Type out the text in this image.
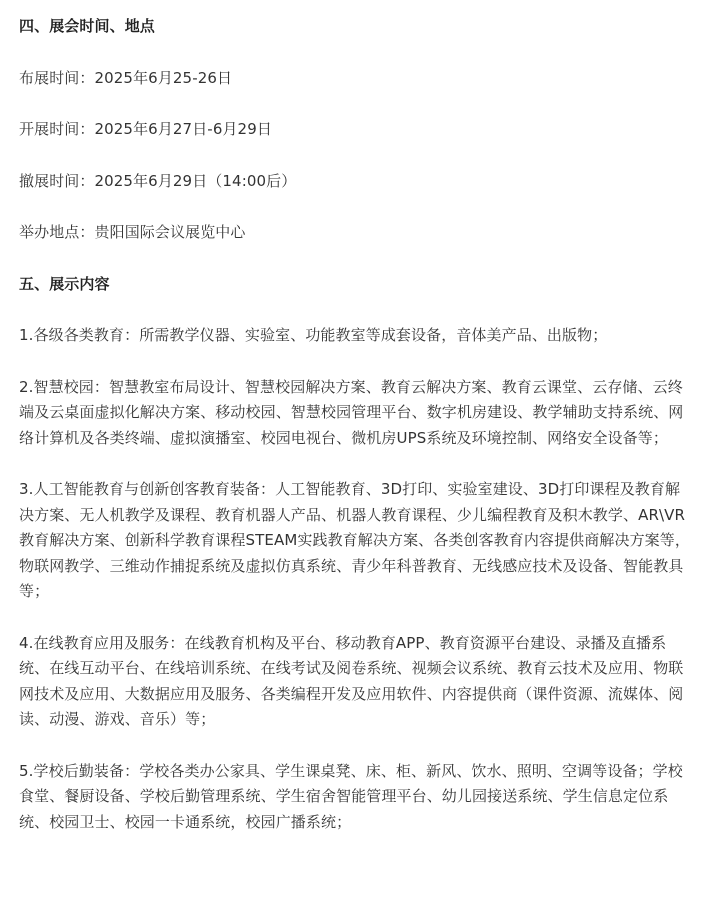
四、展会时间、地点

布展时间：2025年6月25-26日

开展时间：2025年6月27日-6月29日

撤展时间：2025年6月29日（14:00后）

举办地点：贵阳国际会议展览中心

五、展示内容

1.各级各类教育：所需教学仪器、实验室、功能教室等成套设备，音体美产品、出版物；

2.智慧校园：智慧教室布局设计、智慧校园解决方案、教育云解决方案、教育云课堂、云存储、云终端及云桌面虚拟化解决方案、移动校园、智慧校园管理平台、数字机房建设、教学辅助支持系统、网络计算机及各类终端、虚拟演播室、校园电视台、微机房UPS系统及环境控制、网络安全设备等；

3.人工智能教育与创新创客教育装备：人工智能教育、3D打印、实验室建设、3D打印课程及教育解决方案、无人机教学及课程、教育机器人产品、机器人教育课程、少儿编程教育及积木教学、AR\VR教育解决方案、创新科学教育课程STEAM实践教育解决方案、各类创客教育内容提供商解决方案等，物联网教学、三维动作捕捉系统及虚拟仿真系统、青少年科普教育、无线感应技术及设备、智能教具等；

4.在线教育应用及服务：在线教育机构及平台、移动教育APP、教育资源平台建设、录播及直播系统、在线互动平台、在线培训系统、在线考试及阅卷系统、视频会议系统、教育云技术及应用、物联网技术及应用、大数据应用及服务、各类编程开发及应用软件、内容提供商（课件资源、流媒体、阅读、动漫、游戏、音乐）等；

5.学校后勤装备：学校各类办公家具、学生课桌凳、床、柜、新风、饮水、照明、空调等设备；学校食堂、餐厨设备、学校后勤管理系统、学生宿舍智能管理平台、幼儿园接送系统、学生信息定位系统、校园卫士、校园一卡通系统，校园广播系统；
